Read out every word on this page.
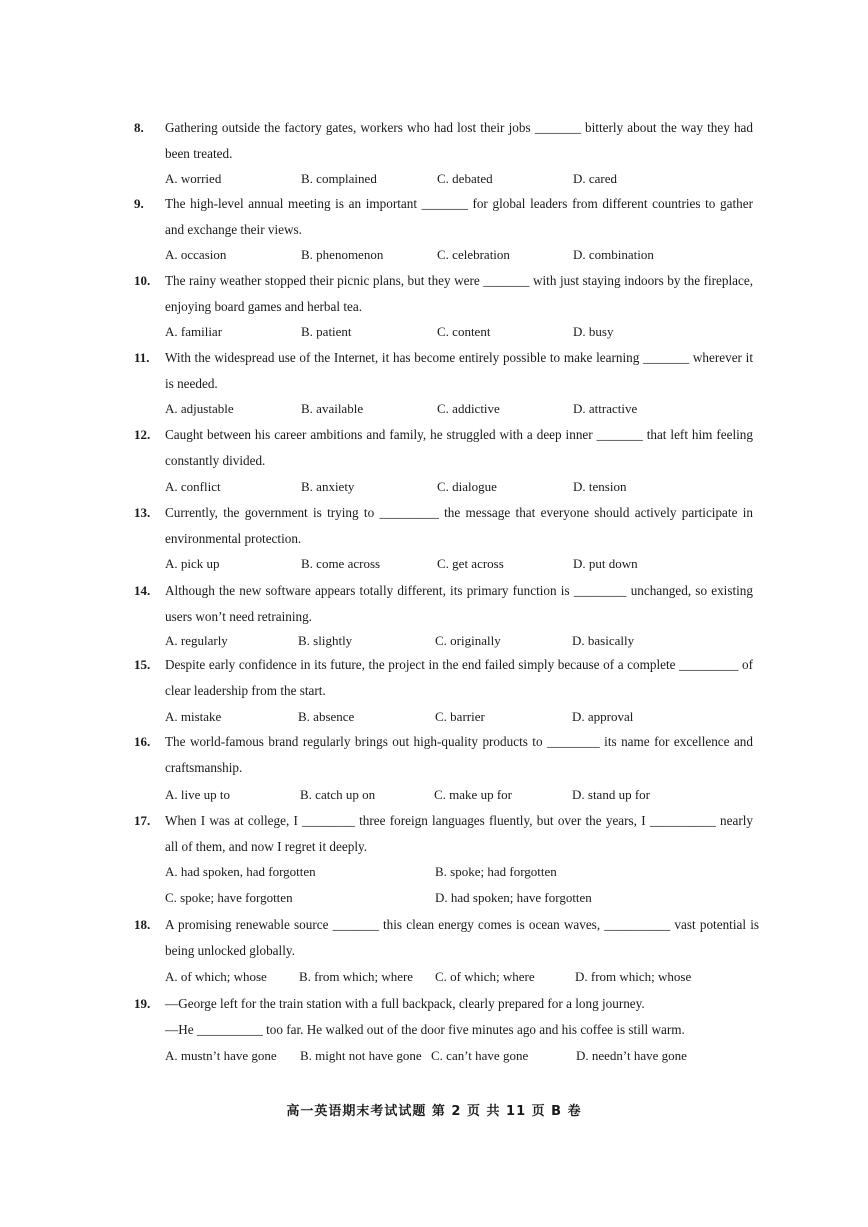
8.	Gathering outside the factory gates, workers who had lost their jobs _______ bitterly about the way they had been treated.
A. worried	B. complained	C. debated	D. cared
9.	The high-level annual meeting is an important _______ for global leaders from different countries to gather and exchange their views.
A. occasion	B. phenomenon	C. celebration	D. combination
10.	The rainy weather stopped their picnic plans, but they were _______ with just staying indoors by the fireplace, enjoying board games and herbal tea.
A. familiar	B. patient	C. content	D. busy
11.	With the widespread use of the Internet, it has become entirely possible to make learning _______ wherever it is needed.
A. adjustable	B. available	C. addictive	D. attractive
12.	Caught between his career ambitions and family, he struggled with a deep inner _______ that left him feeling constantly divided.
A. conflict	B. anxiety	C. dialogue	D. tension
13.	Currently, the government is trying to _________ the message that everyone should actively participate in environmental protection.
A. pick up	B. come across	C. get across	D. put down
14.	Although the new software appears totally different, its primary function is ________ unchanged, so existing users won’t need retraining.
A. regularly	B. slightly	C. originally	D. basically
15.	Despite early confidence in its future, the project in the end failed simply because of a complete _________ of clear leadership from the start.
A. mistake	B. absence	C. barrier	D. approval
16.	The world-famous brand regularly brings out high-quality products to ________ its name for excellence and craftsmanship.
A. live up to	B. catch up on	C. make up for	D. stand up for
17.	When I was at college, I ________ three foreign languages fluently, but over the years, I __________ nearly all of them, and now I regret it deeply.
A. had spoken, had forgotten	B. spoke; had forgotten
C. spoke; have forgotten	D. had spoken; have forgotten
18.	A promising renewable source _______ this clean energy comes is ocean waves, __________ vast potential is being unlocked globally.
A. of which; whose B. from which; where C. of which; where	D. from which; whose
19.	—George left for the train station with a full backpack, clearly prepared for a long journey.
—He __________ too far. He walked out of the door five minutes ago and his coffee is still warm.
A. mustn’t have gone B. might not have gone C. can’t have gone	D. needn’t have gone
高一英语期末考试试题 第 2 页 共 11 页 B 卷
